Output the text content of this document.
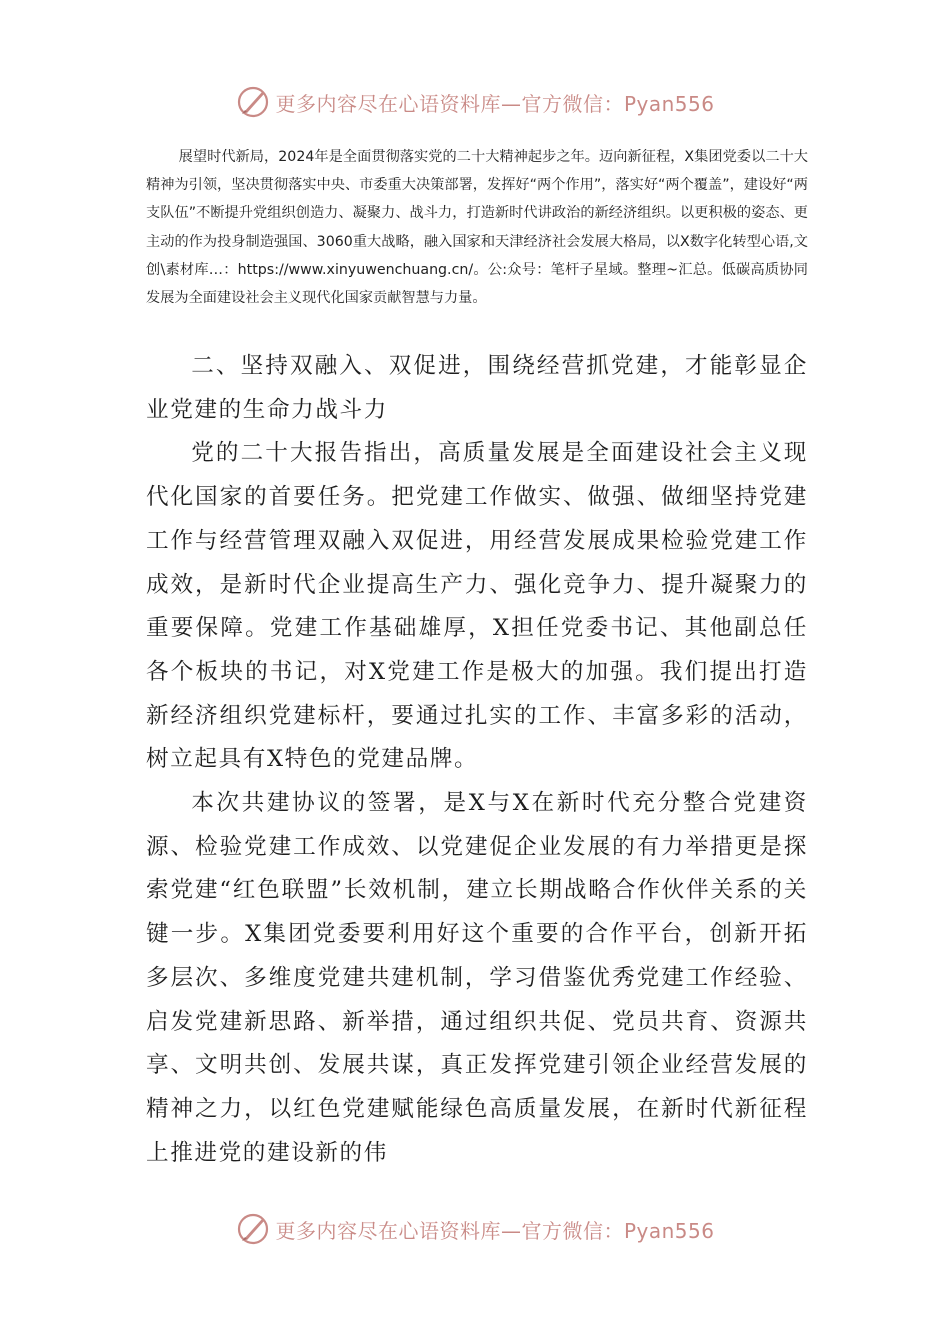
更多内容尽在心语资料库—官方微信：Pyan556

展望时代新局，2024年是全面贯彻落实党的二十大精神起步之年。迈向新征程，X集团党委以二十大精神为引领，坚决贯彻落实中央、市委重大决策部署，发挥好“两个作用”，落实好“两个覆盖”，建设好“两支队伍”不断提升党组织创造力、凝聚力、战斗力，打造新时代讲政治的新经济组织。以更积极的姿态、更主动的作为投身制造强国、3060重大战略，融入国家和天津经济社会发展大格局，以X数字化转型心语,文创\素材库…：https://www.xinyuwenchuang.cn/。公:众号：笔杆子星域。整理~汇总。低碳高质协同发展为全面建设社会主义现代化国家贡献智慧与力量。

二、坚持双融入、双促进，围绕经营抓党建，才能彰显企业党建的生命力战斗力

党的二十大报告指出，高质量发展是全面建设社会主义现代化国家的首要任务。把党建工作做实、做强、做细坚持党建工作与经营管理双融入双促进，用经营发展成果检验党建工作成效，是新时代企业提高生产力、强化竞争力、提升凝聚力的重要保障。党建工作基础雄厚，X担任党委书记、其他副总任各个板块的书记，对X党建工作是极大的加强。我们提出打造新经济组织党建标杆，要通过扎实的工作、丰富多彩的活动，树立起具有X特色的党建品牌。

本次共建协议的签署，是X与X在新时代充分整合党建资源、检验党建工作成效、以党建促企业发展的有力举措更是探索党建“红色联盟”长效机制，建立长期战略合作伙伴关系的关键一步。X集团党委要利用好这个重要的合作平台，创新开拓多层次、多维度党建共建机制，学习借鉴优秀党建工作经验、启发党建新思路、新举措，通过组织共促、党员共育、资源共享、文明共创、发展共谋，真正发挥党建引领企业经营发展的精神之力，以红色党建赋能绿色高质量发展，在新时代新征程上推进党的建设新的伟

更多内容尽在心语资料库—官方微信：Pyan556
